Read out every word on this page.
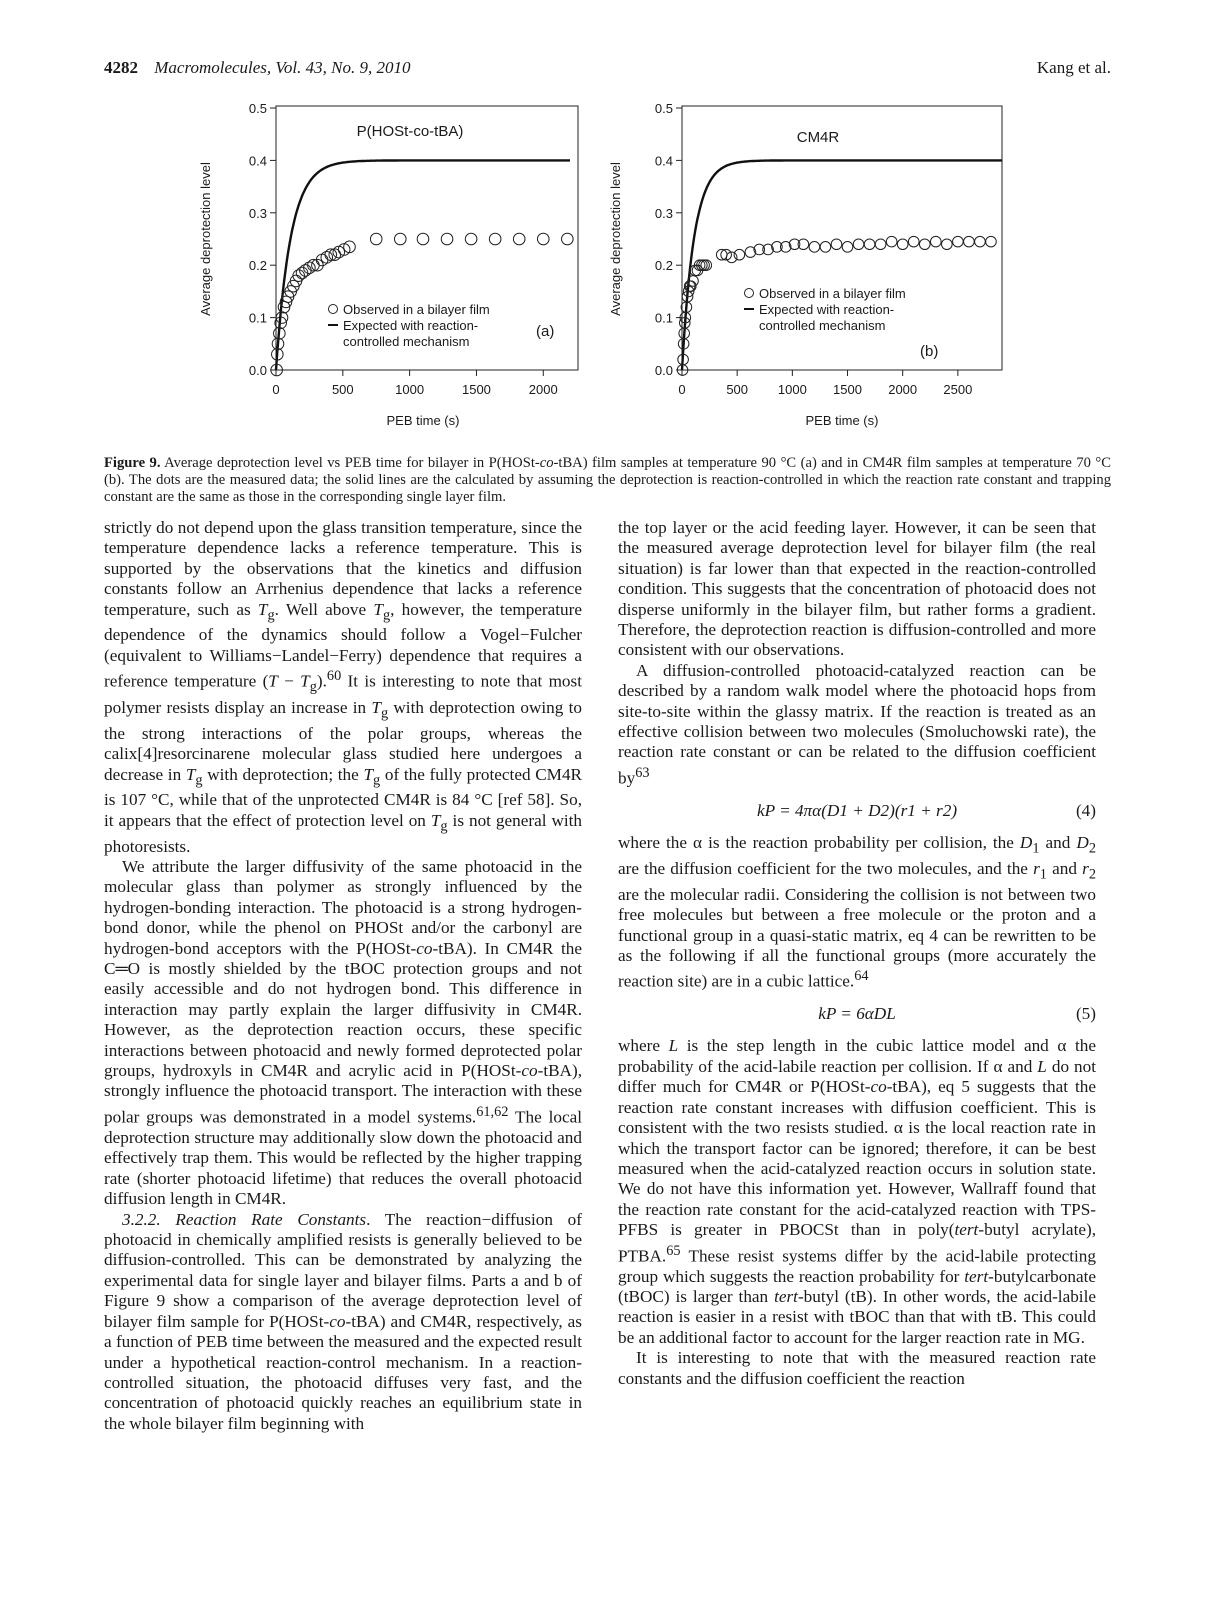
4282 Macromolecules, Vol. 43, No. 9, 2010	Kang et al.
0.0
0.1
0.2
0.3
0.4
0.5
0	500	1000	1500	2000
PEB time (s)
Average deprotection level
P(HOSt-co-tBA)
Observed in a bilayer film
Expected with reaction-
controlled mechanism
(a)
0.0
0.1
0.2
0.3
0.4
0.5
0	500 1000 1500 2000 2500
PEB time (s)
Average deprotection level
CM4R
Observed in a bilayer film
Expected with reaction-
controlled mechanism
(b)
Figure 9. Average deprotection level vs PEB time for bilayer in P(HOSt-co-tBA) film samples at temperature 90 °C (a) and in CM4R film samples at temperature 70 °C (b). The dots are the measured data; the solid lines are the calculated by assuming the deprotection is reaction-controlled in which the reaction rate constant and trapping constant are the same as those in the corresponding single layer film.

strictly do not depend upon the glass transition temperature, since the temperature dependence lacks a reference temperature. This is supported by the observations that the kinetics and diffusion constants follow an Arrhenius dependence that lacks a reference temperature, such as $T_g$. Well above $T_g$, however, the temperature dependence of the dynamics should follow a Vogel−Fulcher (equivalent to Williams−Landel−Ferry) dependence that requires a reference temperature $(T - T_g).^{60}$ It is interesting to note that most polymer resists display an increase in $T_g$ with deprotection owing to the strong interactions of the polar groups, whereas the calix[4]resorcinarene molecular glass studied here undergoes a decrease in $T_g$ with deprotection; the $T_g$ of the fully protected CM4R is 107 °C, while that of the unprotected CM4R is 84 °C [ref 58]. So, it appears that the effect of protection level on $T_g$ is not general with photoresists.

We attribute the larger diffusivity of the same photoacid in the molecular glass than polymer as strongly influenced by the hydrogen-bonding interaction. The photoacid is a strong hydrogen-bond donor, while the phenol on PHOSt and/or the carbonyl are hydrogen-bond acceptors with the P(HOSt-co-tBA). In CM4R the C═O is mostly shielded by the tBOC protection groups and not easily accessible and do not hydrogen bond. This difference in interaction may partly explain the larger diffusivity in CM4R. However, as the deprotection reaction occurs, these specific interactions between photoacid and newly formed deprotected polar groups, hydroxyls in CM4R and acrylic acid in P(HOSt-co-tBA), strongly influence the photoacid transport. The interaction with these polar groups was demonstrated in a model systems.$^{61,62}$ The local deprotection structure may additionally slow down the photoacid and effectively trap them. This would be reflected by the higher trapping rate (shorter photoacid lifetime) that reduces the overall photoacid diffusion length in CM4R.

3.2.2. Reaction Rate Constants. The reaction−diffusion of photoacid in chemically amplified resists is generally believed to be diffusion-controlled. This can be demonstrated by analyzing the experimental data for single layer and bilayer films. Parts a and b of Figure 9 show a comparison of the average deprotection level of bilayer film sample for P(HOSt-co-tBA) and CM4R, respectively, as a function of PEB time between the measured and the expected result under a hypothetical reaction-control mechanism. In a reaction-controlled situation, the photoacid diffuses very fast, and the concentration of photoacid quickly reaches an equilibrium state in the whole bilayer film beginning with

the top layer or the acid feeding layer. However, it can be seen that the measured average deprotection level for bilayer film (the real situation) is far lower than that expected in the reaction-controlled condition. This suggests that the concentration of photoacid does not disperse uniformly in the bilayer film, but rather forms a gradient. Therefore, the deprotection reaction is diffusion-controlled and more consistent with our observations.

A diffusion-controlled photoacid-catalyzed reaction can be described by a random walk model where the photoacid hops from site-to-site within the glassy matrix. If the reaction is treated as an effective collision between two molecules (Smoluchowski rate), the reaction rate constant or can be related to the diffusion coefficient $by^{63}$

kP = 4πα(D1 + D2)(r1 + r2)	(4)

where the α is the reaction probability per collision, the $D_1$ and $D_2$ are the diffusion coefficient for the two molecules, and the $r_1$ and $r_2$ are the molecular radii. Considering the collision is not between two free molecules but between a free molecule or the proton and a functional group in a quasi-static matrix, eq 4 can be rewritten to be as the following if all the functional groups (more accurately the reaction site) are in a cubic lattice.$^{64}$

kP = 6αDL	(5)

where L is the step length in the cubic lattice model and α the probability of the acid-labile reaction per collision. If α and L do not differ much for CM4R or P(HOSt-co-tBA), eq 5 suggests that the reaction rate constant increases with diffusion coefficient. This is consistent with the two resists studied. α is the local reaction rate in which the transport factor can be ignored; therefore, it can be best measured when the acid-catalyzed reaction occurs in solution state. We do not have this information yet. However, Wallraff found that the reaction rate constant for the acid-catalyzed reaction with TPS-PFBS is greater in PBOCSt than in poly(tert-butyl acrylate), PTBA.$^{65}$ These resist systems differ by the acid-labile protecting group which suggests the reaction probability for tert-butylcarbonate (tBOC) is larger than tert-butyl (tB). In other words, the acid-labile reaction is easier in a resist with tBOC than that with tB. This could be an additional factor to account for the larger reaction rate in MG.

It is interesting to note that with the measured reaction rate constants and the diffusion coefficient the reaction
